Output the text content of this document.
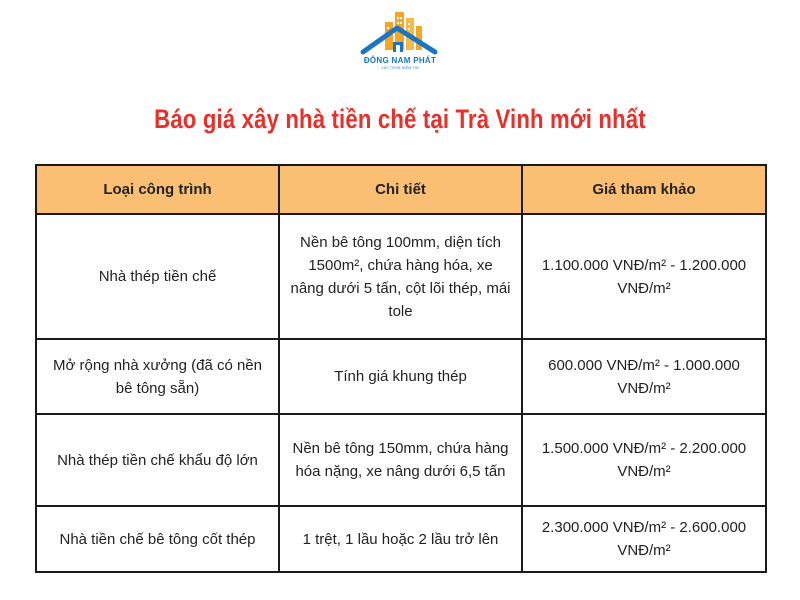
ĐÔNG NAM PHÁT
XÂY TRỌN NIỀM TIN
Báo giá xây nhà tiền chế tại Trà Vinh mới nhất
Loại công trình	Chi tiết	Giá tham khảo
Nhà thép tiền chế	Nền bê tông 100mm, diện tích 1500m², chứa hàng hóa, xe nâng dưới 5 tấn, cột lõi thép, mái tole	1.100.000 VNĐ/m² - 1.200.000 VNĐ/m²
Mở rộng nhà xưởng (đã có nền bê tông sẵn)	Tính giá khung thép	600.000 VNĐ/m² - 1.000.000 VNĐ/m²
Nhà thép tiền chế khẩu độ lớn	Nền bê tông 150mm, chứa hàng hóa nặng, xe nâng dưới 6,5 tấn	1.500.000 VNĐ/m² - 2.200.000 VNĐ/m²
Nhà tiền chế bê tông cốt thép	1 trệt, 1 lầu hoặc 2 lầu trở lên	2.300.000 VNĐ/m² - 2.600.000 VNĐ/m²
